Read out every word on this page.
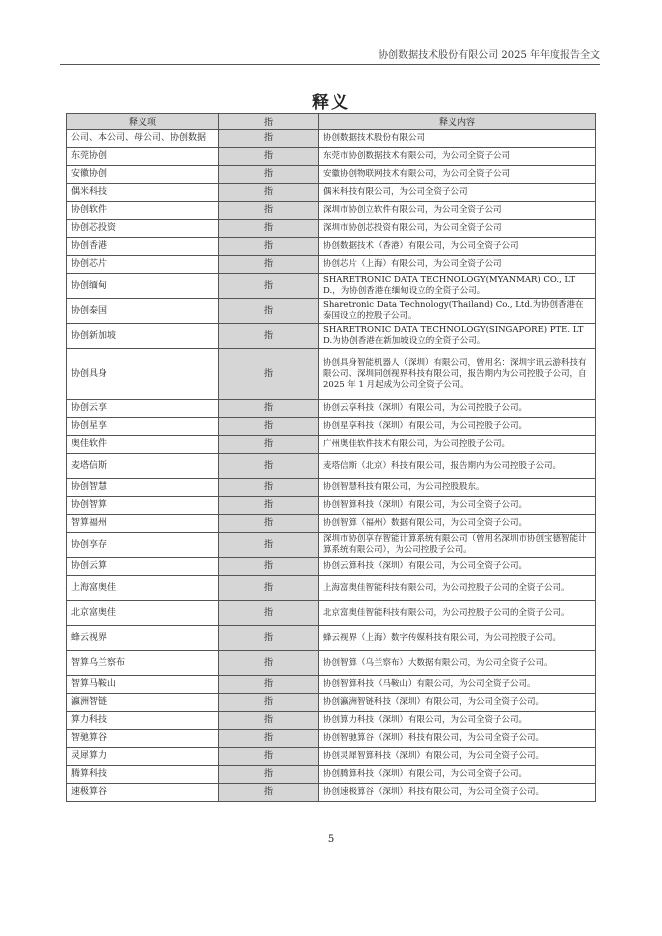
协创数据技术股份有限公司 2025 年年度报告全文
释义
释义项	指	释义内容
公司、本公司、母公司、协创数据	指	协创数据技术股份有限公司
东莞协创	指	东莞市协创数据技术有限公司，为公司全资子公司
安徽协创	指	安徽协创物联网技术有限公司，为公司全资子公司
偶米科技	指	偶米科技有限公司，为公司全资子公司
协创软件	指	深圳市协创立软件有限公司，为公司全资子公司
协创芯投资	指	深圳市协创芯投资有限公司，为公司全资子公司
协创香港	指	协创数据技术（香港）有限公司，为公司全资子公司
协创芯片	指	协创芯片（上海）有限公司，为公司全资子公司
协创缅甸	指	SHARETRONIC DATA TECHNOLOGY(MYANMAR) CO., LTD.，为协创香港在缅甸设立的全资子公司。
协创泰国	指	Sharetronic Data Technology(Thailand) Co., Ltd.为协创香港在泰国设立的控股子公司。
协创新加坡	指	SHARETRONIC DATA TECHNOLOGY(SINGAPORE) PTE. LTD.为协创香港在新加坡设立的全资子公司。
协创具身	指	协创具身智能机器人（深圳）有限公司，曾用名：深圳宇讯云游科技有限公司、深圳同创视界科技有限公司，报告期内为公司控股子公司，自 2025 年 1 月起成为公司全资子公司。
协创云享	指	协创云享科技（深圳）有限公司，为公司控股子公司。
协创星享	指	协创星享科技（深圳）有限公司，为公司控股子公司。
奥佳软件	指	广州奥佳软件技术有限公司，为公司控股子公司。
麦塔信斯	指	麦塔信斯（北京）科技有限公司，报告期内为公司控股子公司。
协创智慧	指	协创智慧科技有限公司，为公司控股股东。
协创智算	指	协创智算科技（深圳）有限公司，为公司全资子公司。
智算福州	指	协创智算（福州）数据有限公司，为公司全资子公司。
协创享存	指	深圳市协创享存智能计算系统有限公司（曾用名深圳市协创宝德智能计算系统有限公司），为公司控股子公司。
协创云算	指	协创云算科技（深圳）有限公司，为公司全资子公司。
上海富奥佳	指	上海富奥佳智能科技有限公司，为公司控股子公司的全资子公司。
北京富奥佳	指	北京富奥佳智能科技有限公司，为公司控股子公司的全资子公司。
蜂云视界	指	蜂云视界（上海）数字传媒科技有限公司，为公司控股子公司。
智算乌兰察布	指	协创智算（乌兰察布）大数据有限公司，为公司全资子公司。
智算马鞍山	指	协创智算科技（马鞍山）有限公司，为公司全资子公司。
瀛洲智链	指	协创瀛洲智链科技（深圳）有限公司，为公司全资子公司。
算力科技	指	协创算力科技（深圳）有限公司，为公司全资子公司。
智驰算谷	指	协创智驰算谷（深圳）科技有限公司，为公司全资子公司。
灵犀算力	指	协创灵犀智算科技（深圳）有限公司，为公司全资子公司。
腾算科技	指	协创腾算科技（深圳）有限公司，为公司全资子公司。
速极算谷	指	协创速极算谷（深圳）科技有限公司，为公司全资子公司。
5
